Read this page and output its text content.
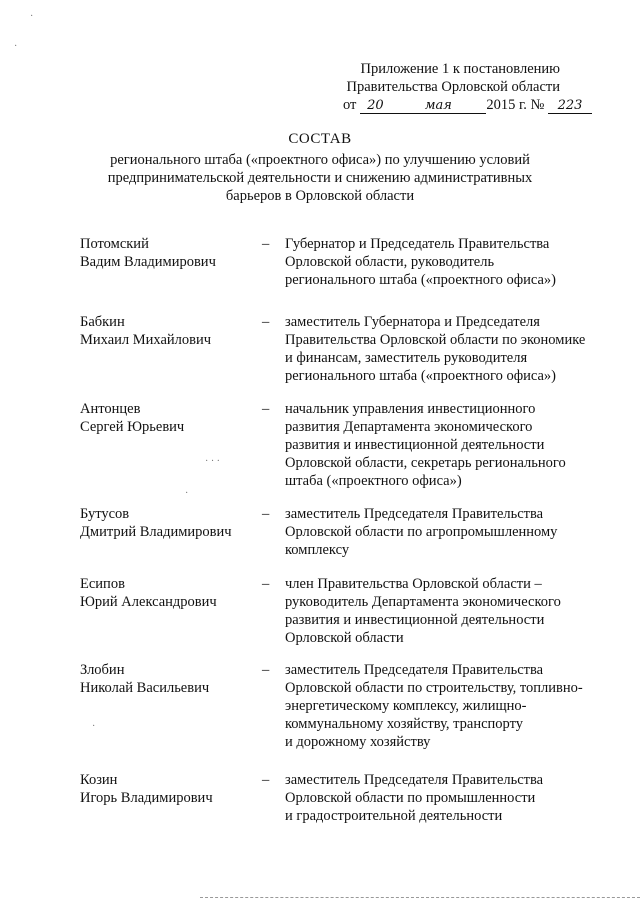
Приложение 1 к постановлению
Правительства Орловской области
от 20	мая 2015 г. № 223
СОСТАВ
регионального штаба («проектного офиса») по улучшению условий
предпринимательской деятельности и снижению административных
барьеров в Орловской области
Потомский
Вадим Владимирович
– Губернатор и Председатель Правительства
Орловской области, руководитель
регионального штаба («проектного офиса»)
Бабкин
Михаил Михайлович
– заместитель Губернатора и Председателя
Правительства Орловской области по экономике
и финансам, заместитель руководителя
регионального штаба («проектного офиса»)
Антонцев
Сергей Юрьевич
– начальник управления инвестиционного
развития Департамента экономического
развития и инвестиционной деятельности
Орловской области, секретарь регионального
штаба («проектного офиса»)
Бутусов
Дмитрий Владимирович
– заместитель Председателя Правительства
Орловской области по агропромышленному
комплексу
Есипов
Юрий Александрович
– член Правительства Орловской области –
руководитель Департамента экономического
развития и инвестиционной деятельности
Орловской области
Злобин
Николай Васильевич
– заместитель Председателя Правительства
Орловской области по строительству, топливно-
энергетическому комплексу, жилищно-
коммунальному хозяйству, транспорту
и дорожному хозяйству
Козин
Игорь Владимирович
– заместитель Председателя Правительства
Орловской области по промышленности
и градостроительной деятельности
·
·
· · ·
·
·
